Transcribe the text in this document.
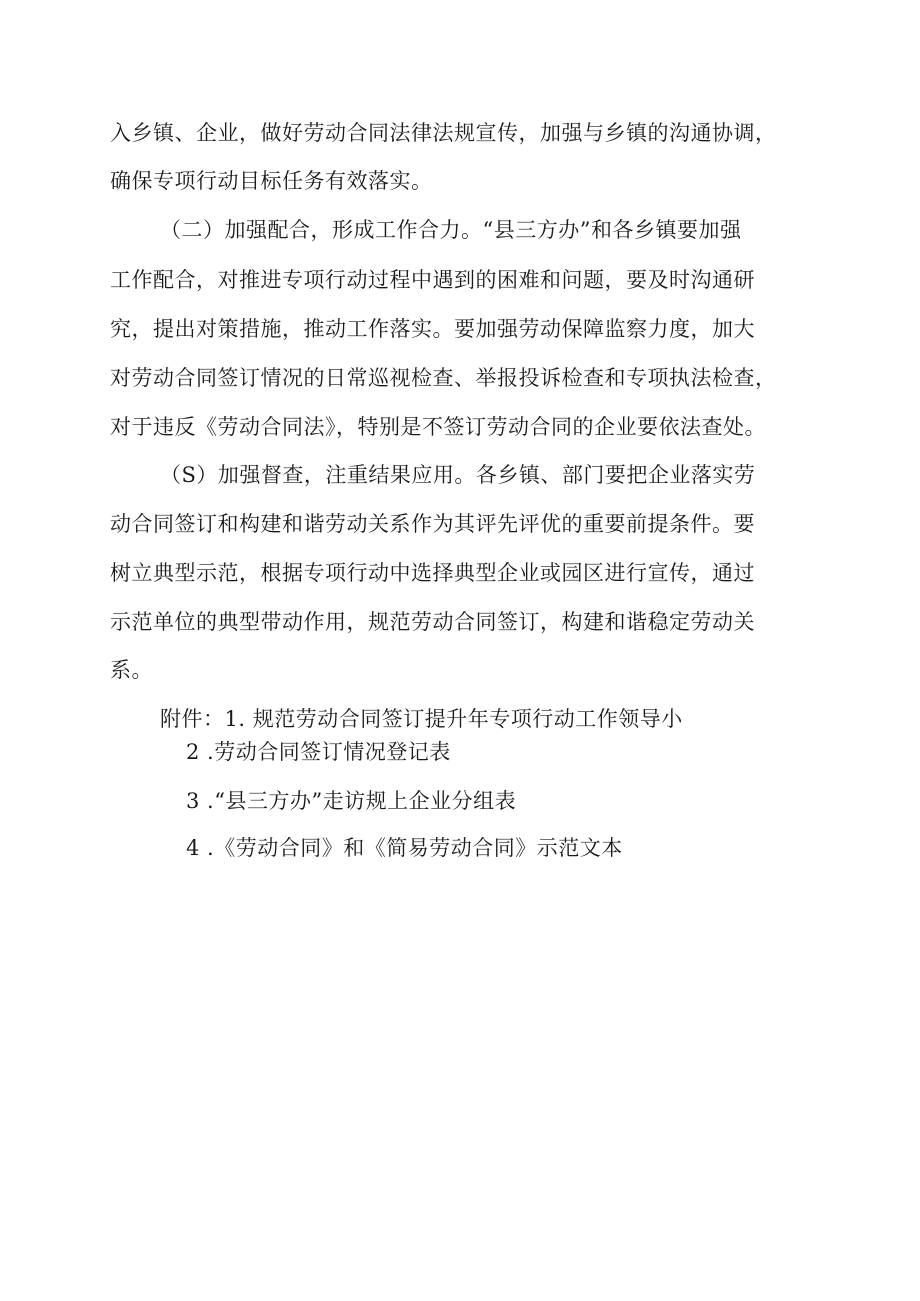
入乡镇、企业，做好劳动合同法律法规宣传，加强与乡镇的沟通协调，
确保专项行动目标任务有效落实。
（二）加强配合，形成工作合力。“县三方办”和各乡镇要加强
工作配合，对推进专项行动过程中遇到的困难和问题，要及时沟通研
究，提出对策措施，推动工作落实。要加强劳动保障监察力度，加大
对劳动合同签订情况的日常巡视检查、举报投诉检查和专项执法检查，
对于违反《劳动合同法》，特别是不签订劳动合同的企业要依法查处。
（S）加强督查，注重结果应用。各乡镇、部门要把企业落实劳
动合同签订和构建和谐劳动关系作为其评先评优的重要前提条件。要
树立典型示范，根据专项行动中选择典型企业或园区进行宣传，通过
示范单位的典型带动作用，规范劳动合同签订，构建和谐稳定劳动关
系。
附件：1. 规范劳动合同签订提升年专项行动工作领导小
2 .劳动合同签订情况登记表
3 .“县三方办”走访规上企业分组表
4 .《劳动合同》和《简易劳动合同》示范文本
